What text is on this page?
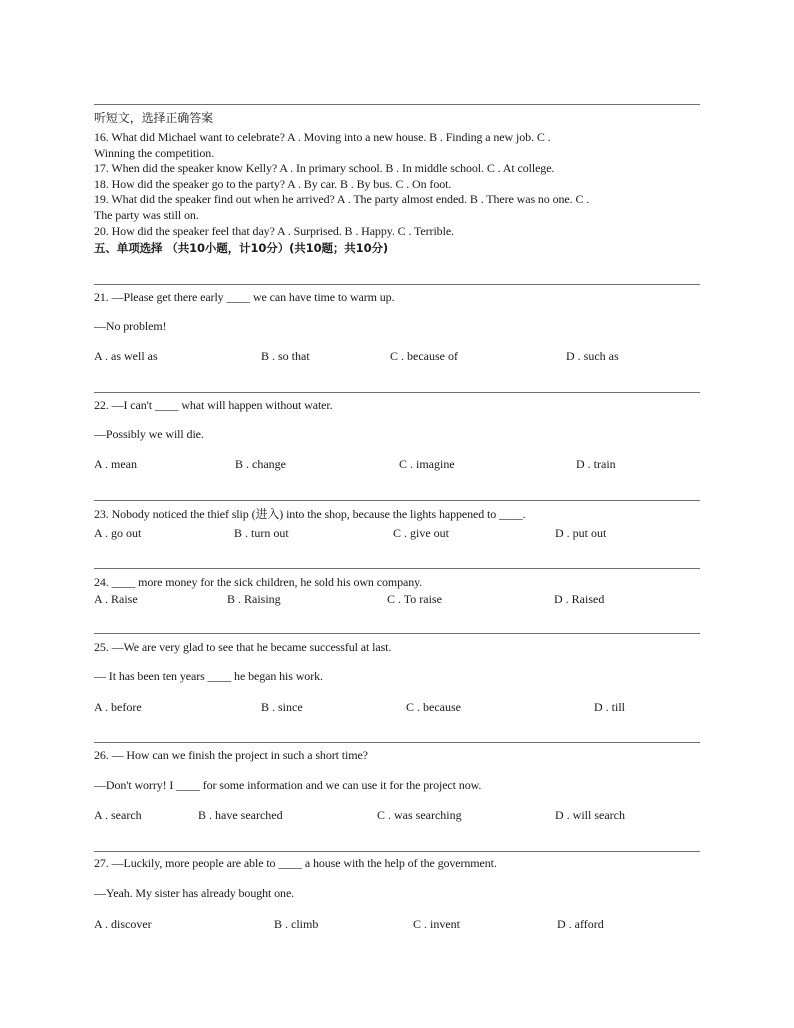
听短文，选择正确答案
16. What did Michael want to celebrate? A . Moving into a new house. B . Finding a new job. C .
Winning the competition.
17. When did the speaker know Kelly? A . In primary school. B . In middle school. C . At college.
18. How did the speaker go to the party? A . By car. B . By bus. C . On foot.
19. What did the speaker find out when he arrived? A . The party almost ended. B . There was no one. C .
The party was still on.
20. How did the speaker feel that day? A . Surprised. B . Happy. C . Terrible.
五、单项选择 （共10小题，计10分）(共10题；共10分)
21. —Please get there early ____ we can have time to warm up.
—No problem!
A . as well as	B . so that	C . because of	D . such as
22. —I can't ____ what will happen without water.
—Possibly we will die.
A . mean	B . change	C . imagine	D . train
23. Nobody noticed the thief slip (进入) into the shop, because the lights happened to ____.
A . go out	B . turn out	C . give out	D . put out
24. ____ more money for the sick children, he sold his own company.
A . Raise	B . Raising	C . To raise	D . Raised
25. —We are very glad to see that he became successful at last.
— It has been ten years ____ he began his work.
A . before	B . since	C . because	D . till
26. — How can we finish the project in such a short time?
—Don't worry! I ____ for some information and we can use it for the project now.
A . search	B . have searched	C . was searching	D . will search
27. —Luckily, more people are able to ____ a house with the help of the government.
—Yeah. My sister has already bought one.
A . discover	B . climb	C . invent	D . afford
